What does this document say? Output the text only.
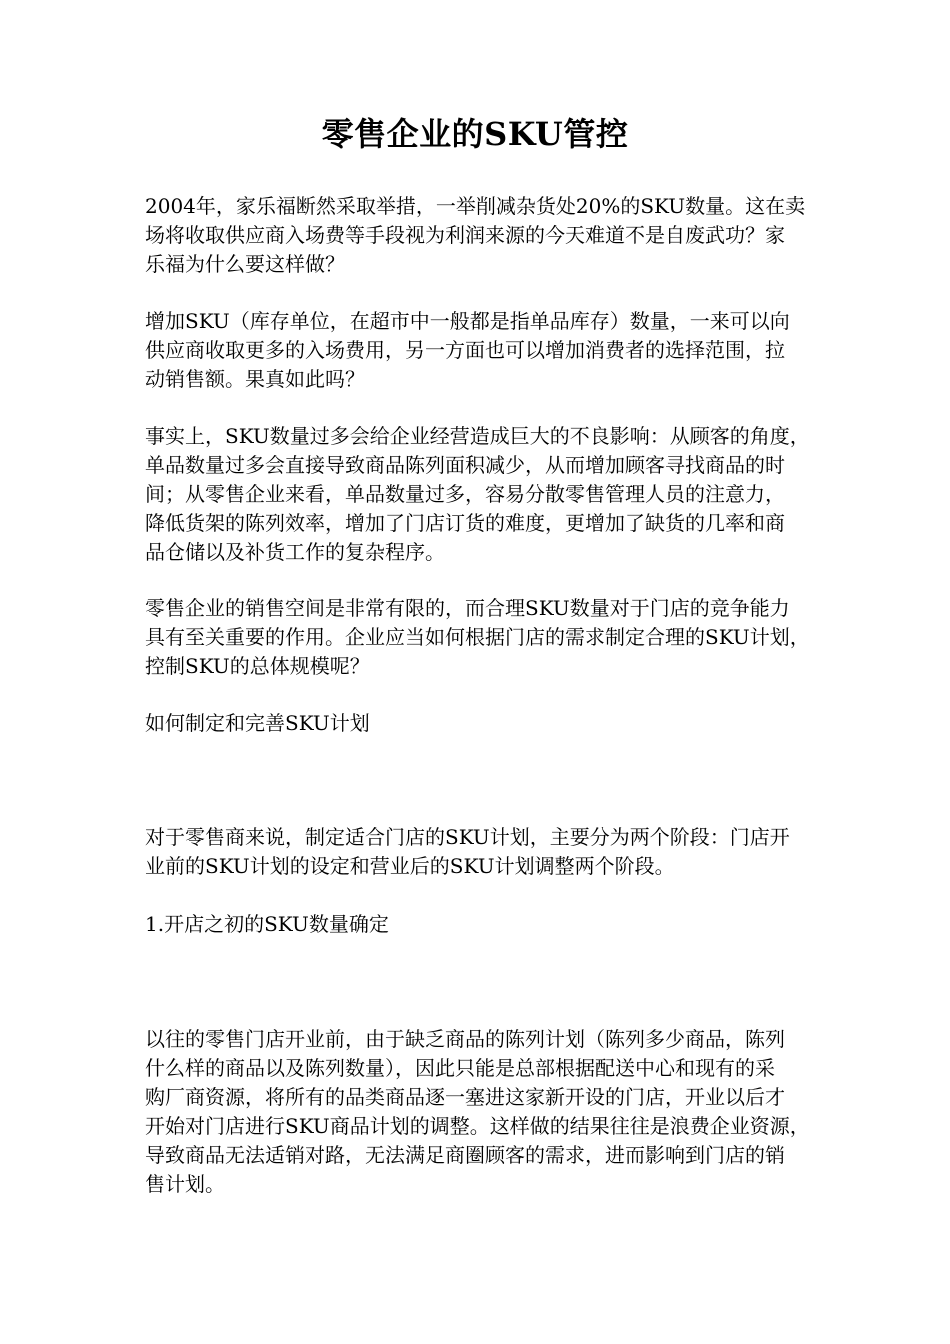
零售企业的SKU管控
2004年，家乐福断然采取举措，一举削减杂货处20%的SKU数量。这在卖
场将收取供应商入场费等手段视为利润来源的今天难道不是自废武功？家
乐福为什么要这样做？
增加SKU（库存单位，在超市中一般都是指单品库存）数量，一来可以向
供应商收取更多的入场费用，另一方面也可以增加消费者的选择范围，拉
动销售额。果真如此吗？
事实上，SKU数量过多会给企业经营造成巨大的不良影响：从顾客的角度，
单品数量过多会直接导致商品陈列面积减少，从而增加顾客寻找商品的时
间；从零售企业来看，单品数量过多，容易分散零售管理人员的注意力，
降低货架的陈列效率，增加了门店订货的难度，更增加了缺货的几率和商
品仓储以及补货工作的复杂程序。
零售企业的销售空间是非常有限的，而合理SKU数量对于门店的竞争能力
具有至关重要的作用。企业应当如何根据门店的需求制定合理的SKU计划，
控制SKU的总体规模呢？
如何制定和完善SKU计划
对于零售商来说，制定适合门店的SKU计划，主要分为两个阶段：门店开
业前的SKU计划的设定和营业后的SKU计划调整两个阶段。
1.开店之初的SKU数量确定
以往的零售门店开业前，由于缺乏商品的陈列计划（陈列多少商品，陈列
什么样的商品以及陈列数量），因此只能是总部根据配送中心和现有的采
购厂商资源，将所有的品类商品逐一塞进这家新开设的门店，开业以后才
开始对门店进行SKU商品计划的调整。这样做的结果往往是浪费企业资源，
导致商品无法适销对路，无法满足商圈顾客的需求，进而影响到门店的销
售计划。
